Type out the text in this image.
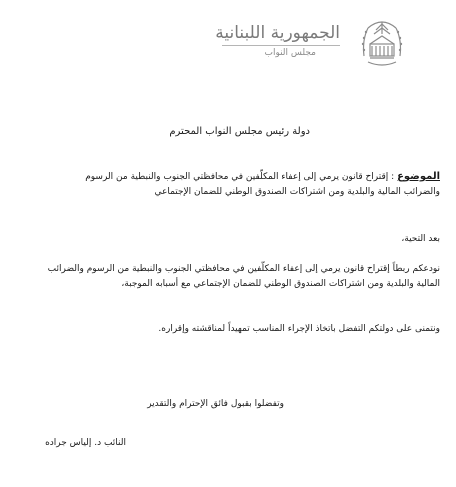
الجمهورية اللبنانية
مجلس النواب
دولة رئيس مجلس النواب المحترم
الموضوع : إقتراح قانون يرمي إلى إعفاء المكلّفين في محافظتي الجنوب والنبطية من الرسوم
والضرائب المالية والبلدية ومن اشتراكات الصندوق الوطني للضمان الإجتماعي
بعد التحية،
نودعكم ربطاً إقتراح قانون يرمي إلى إعفاء المكلّفين في محافظتي الجنوب والنبطية من الرسوم والضرائب
المالية والبلدية ومن اشتراكات الصندوق الوطني للضمان الإجتماعي مع أسبابه الموجبة،
ونتمنى على دولتكم التفضل باتخاذ الإجراء المناسب تمهيداً لمناقشته وإقراره.
وتفضلوا بقبول فائق الإحترام والتقدير
النائب د. إلياس جراده
